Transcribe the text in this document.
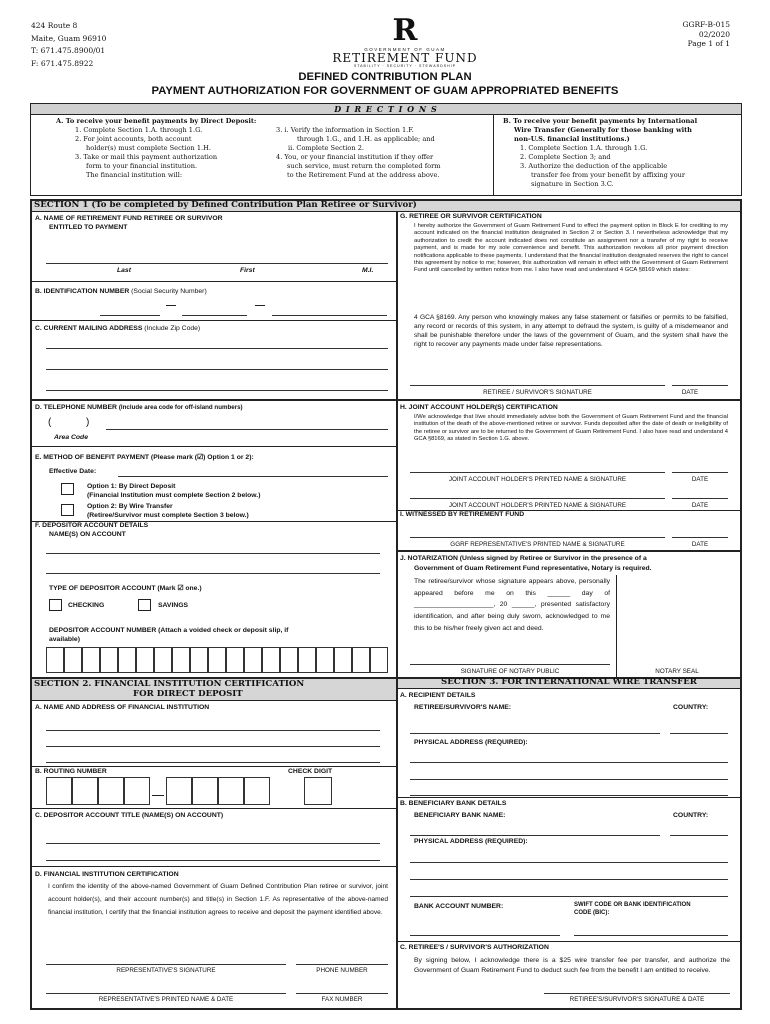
424 Route 8
Maite, Guam 96910
T: 671.475.8900/01
F: 671.475.8922
R
GOVERNMENT OF GUAM
RETIREMENT FUND
STABILITY · SECURITY · STEWARDSHIP
GGRF-B-015
02/2020
Page 1 of 1
DEFINED CONTRIBUTION PLAN
PAYMENT AUTHORIZATION FOR GOVERNMENT OF GUAM APPROPRIATED BENEFITS
D I R E C T I O N S
A. To receive your benefit payments by Direct Deposit:
1. Complete Section 1.A. through 1.G.
2. For joint accounts, both account
holder(s) must complete Section 1.H.
3. Take or mail this payment authorization
form to your financial institution.
The financial institution will:
3. i. Verify the information in Section 1.F.
through 1.G., and 1.H. as applicable; and
ii. Complete Section 2.
4. You, or your financial institution if they offer
such service, must return the completed form
to the Retirement Fund at the address above.
B. To receive your benefit payments by International
Wire Transfer (Generally for those banking with
non-U.S. financial institutions.)
1. Complete Section 1.A. through 1.G.
2. Complete Section 3; and
3. Authorize the deduction of the applicable
transfer fee from your benefit by affixing your
signature in Section 3.C.
SECTION 1 (To be completed by Defined Contribution Plan Retiree or Survivor)
A. NAME OF RETIREMENT FUND RETIREE OR SURVIVOR
ENTITLED TO PAYMENT
Last	First	M.I.
B. IDENTIFICATION NUMBER (Social Security Number)
C. CURRENT MAILING ADDRESS (Include Zip Code)
D. TELEPHONE NUMBER (Include area code for off-island numbers)
(	)
Area Code
E. METHOD OF BENEFIT PAYMENT (Please mark (☑) Option 1 or 2):
Effective Date:
Option 1: By Direct Deposit
(Financial Institution must complete Section 2 below.)
Option 2: By Wire Transfer
(Retiree/Survivor must complete Section 3 below.)
F. DEPOSITOR ACCOUNT DETAILS
NAME(S) ON ACCOUNT
TYPE OF DEPOSITOR ACCOUNT (Mark ☑ one.)
CHECKING	SAVINGS
DEPOSITOR ACCOUNT NUMBER (Attach a voided check or deposit slip, if
available)
G. RETIREE OR SURVIVOR CERTIFICATION
I hereby authorize the Government of Guam Retirement Fund to effect the payment option in Block E for crediting to my account indicated on the financial institution designated in Section 2 or Section 3. I nevertheless acknowledge that my authorization to credit the account indicated does not constitute an assignment nor a transfer of my right to receive payment, and is made for my sole convenience and benefit. This authorization revokes all prior payment direction notifications applicable to these payments. I understand that the financial institution designated reserves the right to cancel this agreement by notice to me; however, this authorization will remain in effect with the Government of Guam Retirement Fund until cancelled by written notice from me. I also have read and understand 4 GCA §8169 which states:
4 GCA §8169. Any person who knowingly makes any false statement or falsifies or permits to be falsified, any record or records of this system, in any attempt to defraud the system, is guilty of a misdemeanor and shall be punishable therefore under the laws of the government of Guam, and the system shall have the right to recover any payments made under false representations.
RETIREE / SURVIVOR'S SIGNATURE	DATE
H. JOINT ACCOUNT HOLDER(S) CERTIFICATION
I/We acknowledge that I/we should immediately advise both the Government of Guam Retirement Fund and the financial institution of the death of the above-mentioned retiree or survivor. Funds deposited after the date of death or ineligibility of the retiree or survivor are to be returned to the Government of Guam Retirement Fund. I also have read and understand 4 GCA §8169, as stated in Section 1.G. above.
JOINT ACCOUNT HOLDER'S PRINTED NAME & SIGNATURE	DATE
JOINT ACCOUNT HOLDER'S PRINTED NAME & SIGNATURE	DATE
I. WITNESSED BY RETIREMENT FUND
GGRF REPRESENTATIVE'S PRINTED NAME & SIGNATURE	DATE
J. NOTARIZATION (Unless signed by Retiree or Survivor in the presence of a
Government of Guam Retirement Fund representative, Notary is required.
The retiree/survivor whose signature appears above, personally appeared before me on this ______ day of _____________________, 20 ______, presented satisfactory identification, and after being duly sworn, acknowledged to me this to be his/her freely given act and deed.
SIGNATURE OF NOTARY PUBLIC	NOTARY SEAL
SECTION 2. FINANCIAL INSTITUTION CERTIFICATION
FOR DIRECT DEPOSIT
A. NAME AND ADDRESS OF FINANCIAL INSTITUTION
B. ROUTING NUMBER	CHECK DIGIT
C. DEPOSITOR ACCOUNT TITLE (NAME(S) ON ACCOUNT)
D. FINANCIAL INSTITUTION CERTIFICATION
I confirm the identity of the above-named Government of Guam Defined Contribution Plan retiree or survivor, joint account holder(s), and their account number(s) and title(s) in Section 1.F. As representative of the above-named financial institution, I certify that the financial institution agrees to receive and deposit the payment identified above.
REPRESENTATIVE'S SIGNATURE	PHONE NUMBER
REPRESENTATIVE'S PRINTED NAME & DATE	FAX NUMBER
SECTION 3. FOR INTERNATIONAL WIRE TRANSFER
A. RECIPIENT DETAILS
RETIREE/SURVIVOR'S NAME:	COUNTRY:
PHYSICAL ADDRESS (REQUIRED):
B. BENEFICIARY BANK DETAILS
BENEFICIARY BANK NAME:	COUNTRY:
PHYSICAL ADDRESS (REQUIRED):
BANK ACCOUNT NUMBER:	SWIFT CODE OR BANK IDENTIFICATION
CODE (BIC):
C. RETIREE'S / SURVIVOR'S AUTHORIZATION
By signing below, I acknowledge there is a $25 wire transfer fee per transfer, and authorize the Government of Guam Retirement Fund to deduct such fee from the benefit I am entitled to receive.
RETIREE'S/SURVIVOR'S SIGNATURE & DATE
